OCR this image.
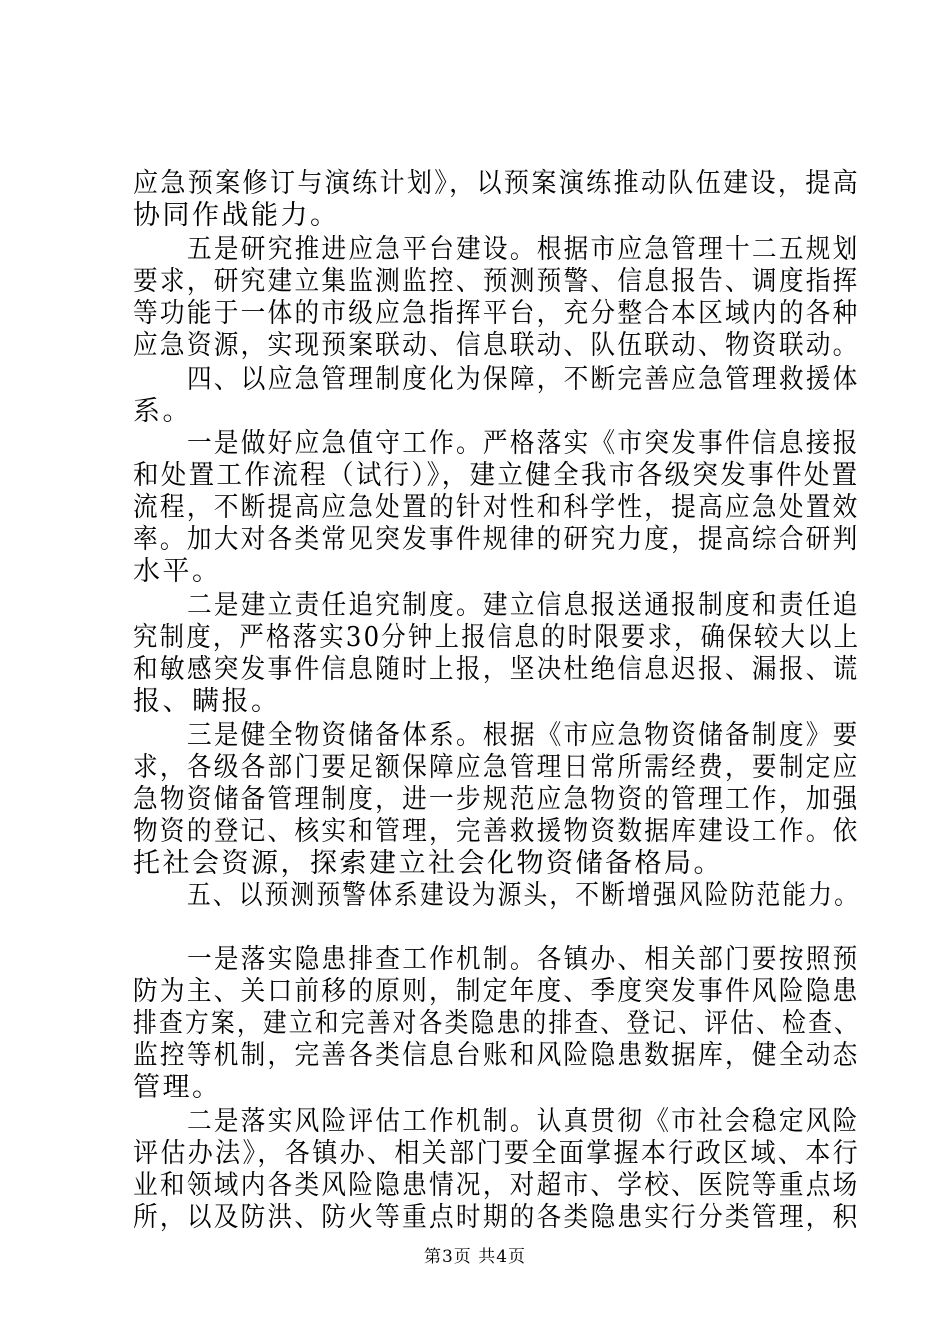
应急预案修订与演练计划》，以预案演练推动队伍建设，提高
协同作战能力。
五是研究推进应急平台建设。根据市应急管理十二五规划
要求，研究建立集监测监控、预测预警、信息报告、调度指挥
等功能于一体的市级应急指挥平台，充分整合本区域内的各种
应急资源，实现预案联动、信息联动、队伍联动、物资联动。
四、以应急管理制度化为保障，不断完善应急管理救援体
系。
一是做好应急值守工作。严格落实《市突发事件信息接报
和处置工作流程（试行）》，建立健全我市各级突发事件处置
流程，不断提高应急处置的针对性和科学性，提高应急处置效
率。加大对各类常见突发事件规律的研究力度，提高综合研判
水平。
二是建立责任追究制度。建立信息报送通报制度和责任追
究制度，严格落实30分钟上报信息的时限要求，确保较大以上
和敏感突发事件信息随时上报，坚决杜绝信息迟报、漏报、谎
报、瞒报。
三是健全物资储备体系。根据《市应急物资储备制度》要
求，各级各部门要足额保障应急管理日常所需经费，要制定应
急物资储备管理制度，进一步规范应急物资的管理工作，加强
物资的登记、核实和管理，完善救援物资数据库建设工作。依
托社会资源，探索建立社会化物资储备格局。
五、以预测预警体系建设为源头，不断增强风险防范能力。
一是落实隐患排查工作机制。各镇办、相关部门要按照预
防为主、关口前移的原则，制定年度、季度突发事件风险隐患
排查方案，建立和完善对各类隐患的排查、登记、评估、检查、
监控等机制，完善各类信息台账和风险隐患数据库，健全动态
管理。
二是落实风险评估工作机制。认真贯彻《市社会稳定风险
评估办法》，各镇办、相关部门要全面掌握本行政区域、本行
业和领域内各类风险隐患情况，对超市、学校、医院等重点场
所，以及防洪、防火等重点时期的各类隐患实行分类管理，积
第3页 共4页
